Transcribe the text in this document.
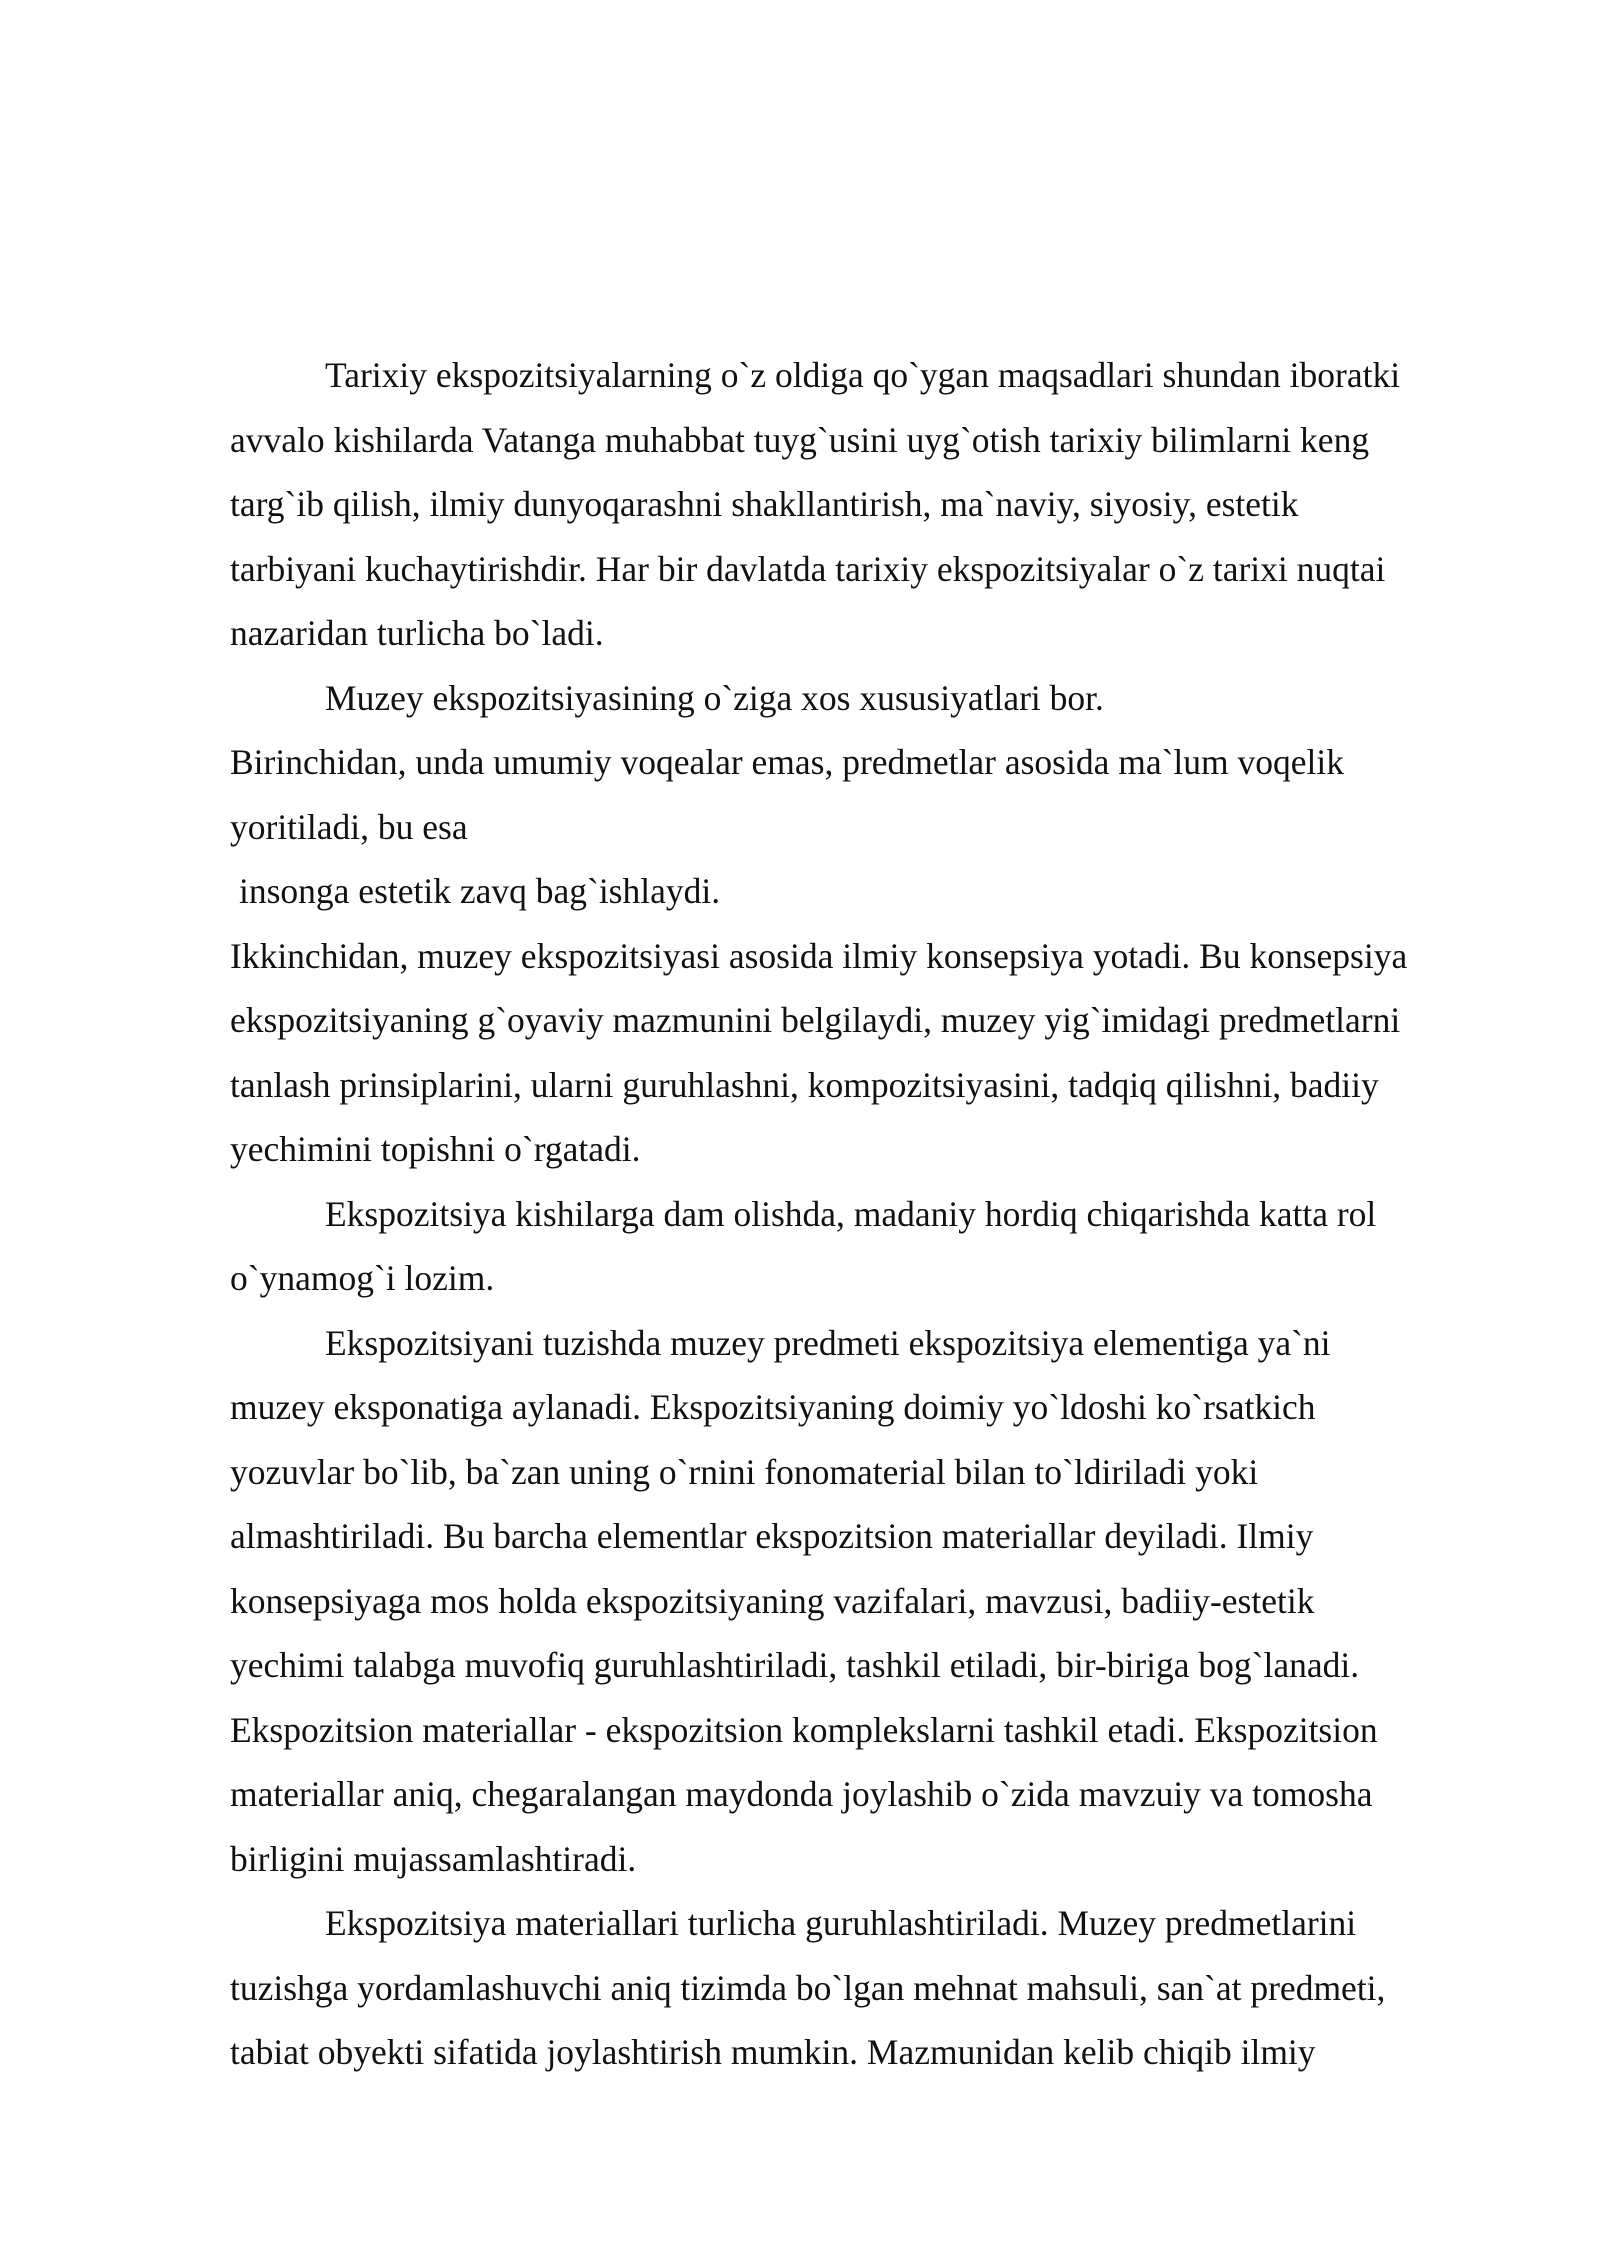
Tarixiy ekspozitsiyalarning o`z oldiga qo`ygan maqsadlari shundan iboratki
avvalo kishilarda Vatanga muhabbat tuyg`usini uyg`otish tarixiy bilimlarni keng
targ`ib qilish, ilmiy dunyoqarashni shakllantirish, ma`naviy, siyosiy, estetik
tarbiyani kuchaytirishdir. Har bir davlatda tarixiy ekspozitsiyalar o`z tarixi nuqtai
nazaridan turlicha bo`ladi.
Muzey ekspozitsiyasining o`ziga xos xususiyatlari bor.
Birinchidan, unda umumiy voqealar emas, predmetlar asosida ma`lum voqelik
yoritiladi, bu esa
insonga estetik zavq bag`ishlaydi.
Ikkinchidan, muzey ekspozitsiyasi asosida ilmiy konsepsiya yotadi. Bu konsepsiya
ekspozitsiyaning g`oyaviy mazmunini belgilaydi, muzey yig`imidagi predmetlarni
tanlash prinsiplarini, ularni guruhlashni, kompozitsiyasini, tadqiq qilishni, badiiy
yechimini topishni o`rgatadi.
Ekspozitsiya kishilarga dam olishda, madaniy hordiq chiqarishda katta rol
o`ynamog`i lozim.
Ekspozitsiyani tuzishda muzey predmeti ekspozitsiya elementiga ya`ni
muzey eksponatiga aylanadi. Ekspozitsiyaning doimiy yo`ldoshi ko`rsatkich
yozuvlar bo`lib, ba`zan uning o`rnini fonomaterial bilan to`ldiriladi yoki
almashtiriladi. Bu barcha elementlar ekspozitsion materiallar deyiladi. Ilmiy
konsepsiyaga mos holda ekspozitsiyaning vazifalari, mavzusi, badiiy-estetik
yechimi talabga muvofiq guruhlashtiriladi, tashkil etiladi, bir-biriga bog`lanadi.
Ekspozitsion materiallar - ekspozitsion komplekslarni tashkil etadi. Ekspozitsion
materiallar aniq, chegaralangan maydonda joylashib o`zida mavzuiy va tomosha
birligini mujassamlashtiradi.
Ekspozitsiya materiallari turlicha guruhlashtiriladi. Muzey predmetlarini
tuzishga yordamlashuvchi aniq tizimda bo`lgan mehnat mahsuli, san`at predmeti,
tabiat obyekti sifatida joylashtirish mumkin. Mazmunidan kelib chiqib ilmiy
